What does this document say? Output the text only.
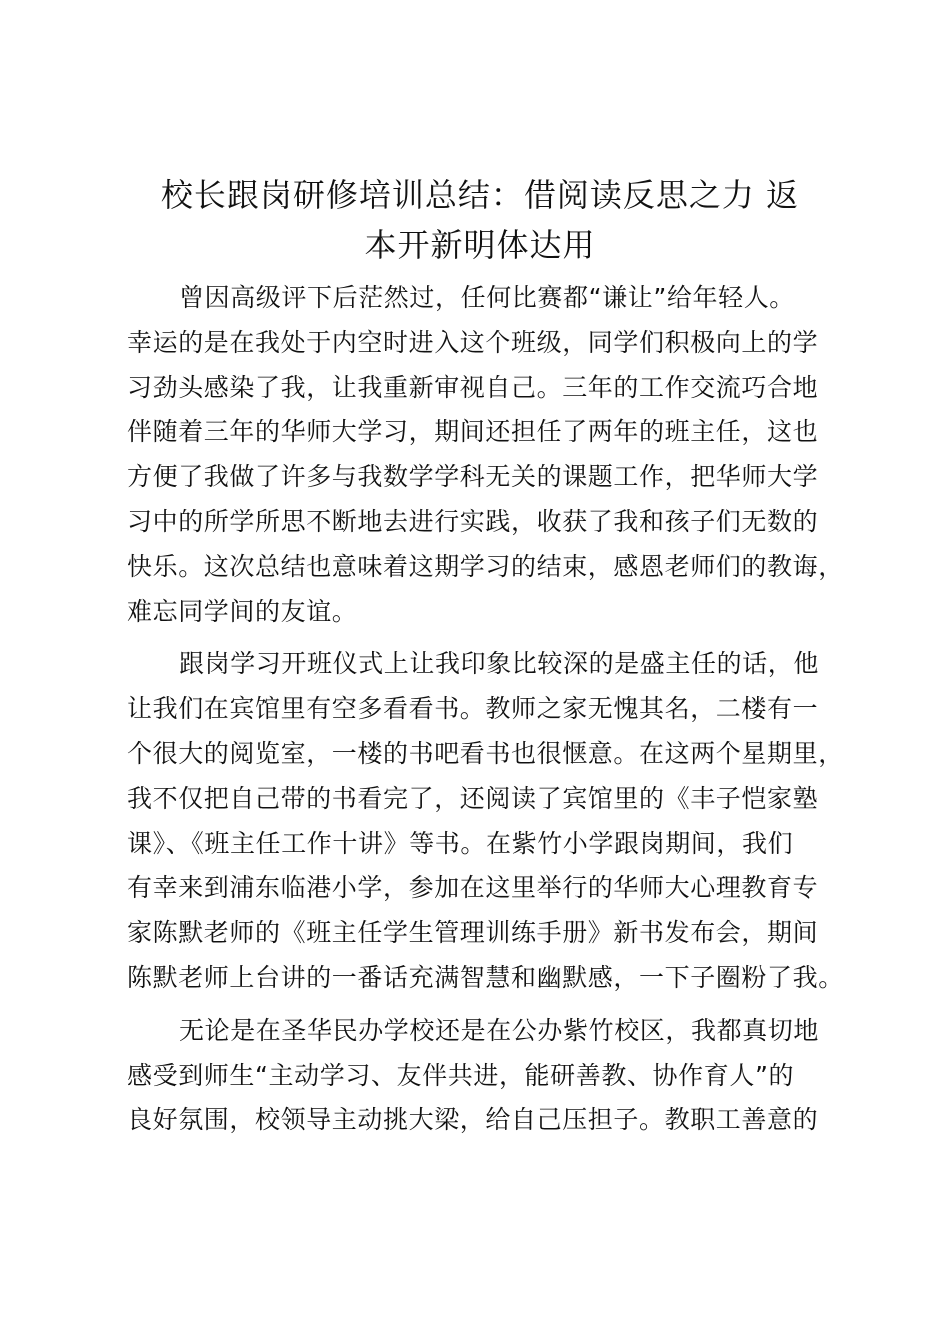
校长跟岗研修培训总结：借阅读反思之力 返
本开新明体达用

曾因高级评下后茫然过，任何比赛都“谦让”给年轻人。
幸运的是在我处于内空时进入这个班级，同学们积极向上的学
习劲头感染了我，让我重新审视自己。三年的工作交流巧合地
伴随着三年的华师大学习，期间还担任了两年的班主任，这也
方便了我做了许多与我数学学科无关的课题工作，把华师大学
习中的所学所思不断地去进行实践，收获了我和孩子们无数的
快乐。这次总结也意味着这期学习的结束，感恩老师们的教诲，
难忘同学间的友谊。

跟岗学习开班仪式上让我印象比较深的是盛主任的话，他
让我们在宾馆里有空多看看书。教师之家无愧其名，二楼有一
个很大的阅览室，一楼的书吧看书也很惬意。在这两个星期里，
我不仅把自己带的书看完了，还阅读了宾馆里的《丰子恺家塾
课》、《班主任工作十讲》等书。在紫竹小学跟岗期间，我们
有幸来到浦东临港小学，参加在这里举行的华师大心理教育专
家陈默老师的《班主任学生管理训练手册》新书发布会，期间
陈默老师上台讲的一番话充满智慧和幽默感，一下子圈粉了我。

无论是在圣华民办学校还是在公办紫竹校区，我都真切地
感受到师生“主动学习、友伴共进，能研善教、协作育人”的
良好氛围，校领导主动挑大梁，给自己压担子。教职工善意的
